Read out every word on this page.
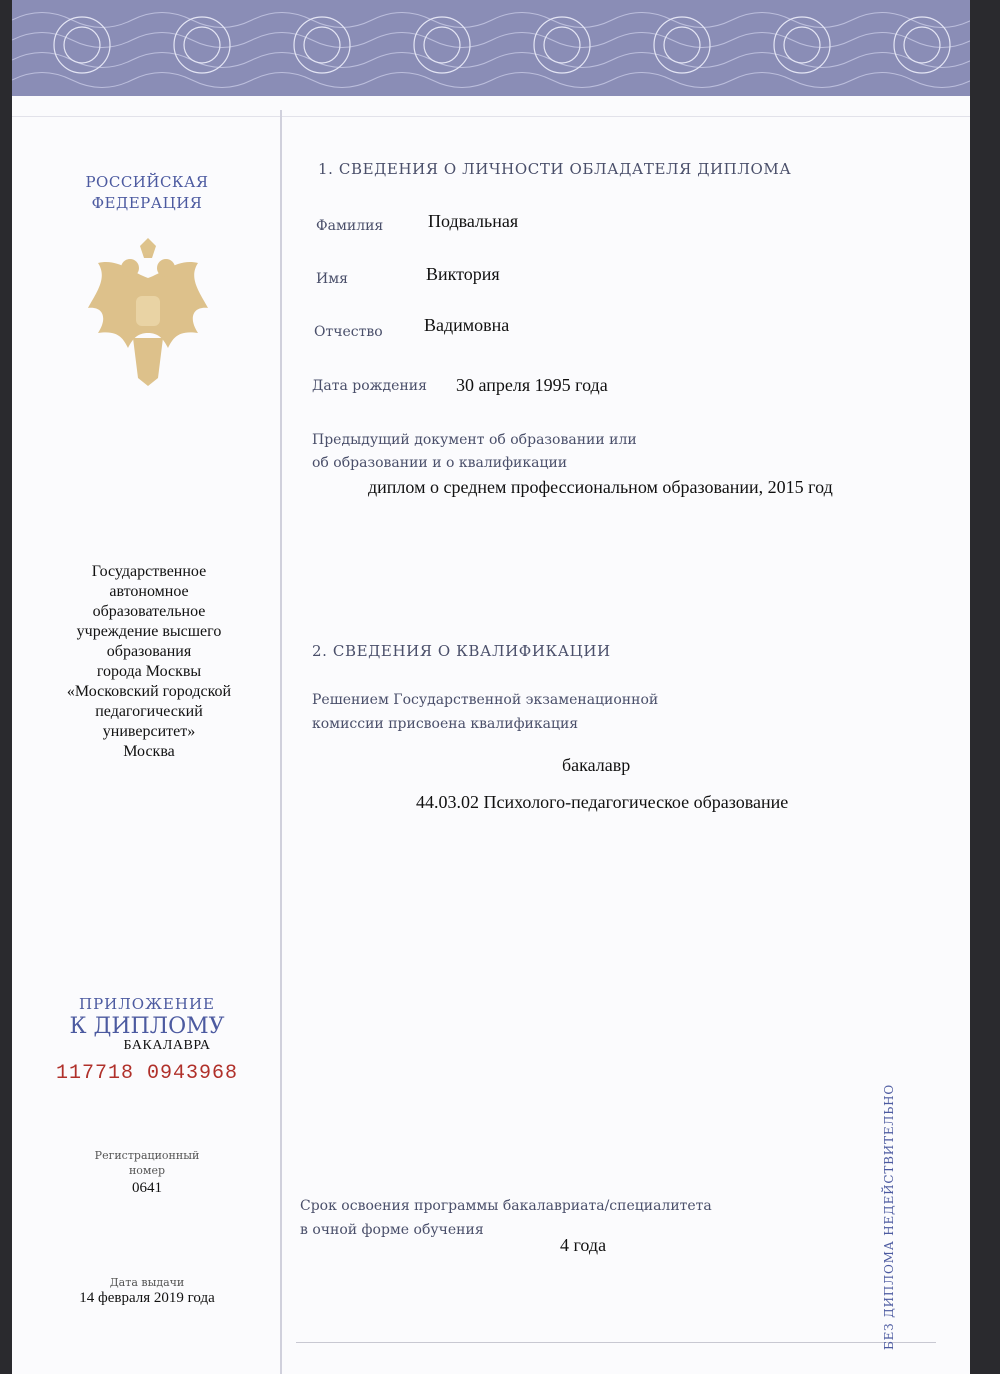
РОССИЙСКАЯ
ФЕДЕРАЦИЯ
Государственное
автономное
образовательное
учреждение высшего
образования
города Москвы
«Московский городской
педагогический
университет»
Москва
ПРИЛОЖЕНИЕ
К ДИПЛОМУ
БАКАЛАВРА
117718 0943968
Регистрационный
номер
0641
Дата выдачи
14 февраля 2019 года
1. СВЕДЕНИЯ О ЛИЧНОСТИ ОБЛАДАТЕЛЯ ДИПЛОМА
Фамилия Подвальная
Имя	Виктория
Отчество Вадимовна
Дата рождения 30 апреля 1995 года
Предыдущий документ об образовании или
об образовании и о квалификации
диплом о среднем профессиональном образовании, 2015 год
2. СВЕДЕНИЯ О КВАЛИФИКАЦИИ
Решением Государственной экзаменационной
комиссии присвоена квалификация
бакалавр
44.03.02 Психолого-педагогическое образование
Срок освоения программы бакалавриата/специалитета
в очной форме обучения
4 года	БЕЗ ДИПЛОМА НЕДЕЙСТВИТЕЛЬНО
